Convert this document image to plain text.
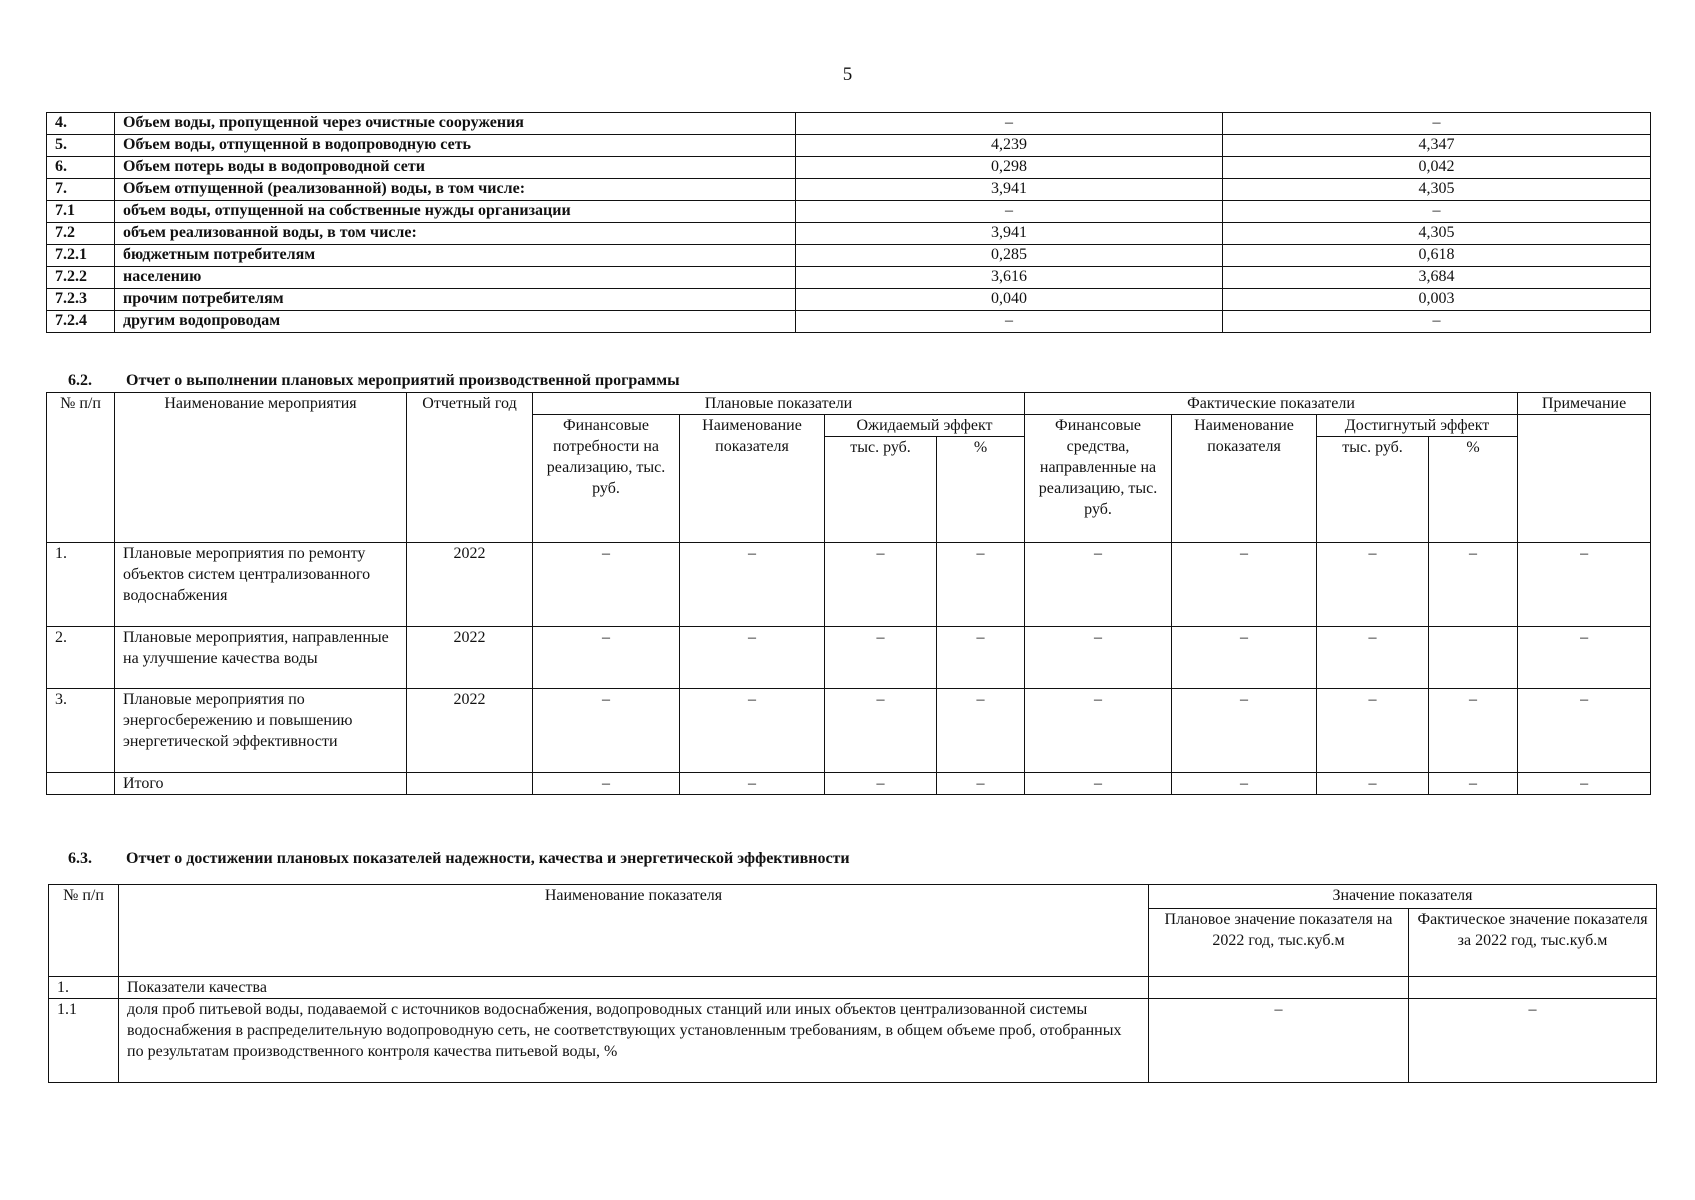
5
4.	Объем воды, пропущенной через очистные сооружения	–	–
5.	Объем воды, отпущенной в водопроводную сеть	4,239	4,347
6.	Объем потерь воды в водопроводной сети	0,298	0,042
7.	Объем отпущенной (реализованной) воды, в том числе:	3,941	4,305
7.1	объем воды, отпущенной на собственные нужды организации	–	–
7.2	объем реализованной воды, в том числе:	3,941	4,305
7.2.1	бюджетным потребителям	0,285	0,618
7.2.2	населению	3,616	3,684
7.2.3	прочим потребителям	0,040	0,003
7.2.4	другим водопроводам	–	–
6.2. Отчет о выполнении плановых мероприятий производственной программы
№ п/п	Наименование мероприятия	Отчетный год	Плановые показатели				Фактические показатели				Примечание
			Финансовые потребности на реализацию, тыс. руб.	Наименование показателя	Ожидаемый эффект		Финансовые средства, направленные на реализацию, тыс. руб.	Наименование показателя	Достигнутый эффект		
					тыс. руб.	%			тыс. руб.	%	
1.	Плановые мероприятия по ремонту объектов систем централизованного водоснабжения	2022	–	–	–	–	–	–	–	–	–
2.	Плановые мероприятия, направленные на улучшение качества воды	2022	–	–	–	–	–	–	–		–
3.	Плановые мероприятия по энергосбережению и повышению энергетической эффективности	2022	–	–	–	–	–	–	–	–	–
	Итого		–	–	–	–	–	–	–	–	–
6.3. Отчет о достижении плановых показателей надежности, качества и энергетической эффективности
№ п/п	Наименование показателя	Значение показателя	
		Плановое значение показателя на 2022 год, тыс.куб.м	Фактическое значение показателя за 2022 год, тыс.куб.м
1.	Показатели качества		
1.1	доля проб питьевой воды, подаваемой с источников водоснабжения, водопроводных станций или иных объектов централизованной системы водоснабжения в распределительную водопроводную сеть, не соответствующих установленным требованиям, в общем объеме проб, отобранных по результатам производственного контроля качества питьевой воды, %	–	–
